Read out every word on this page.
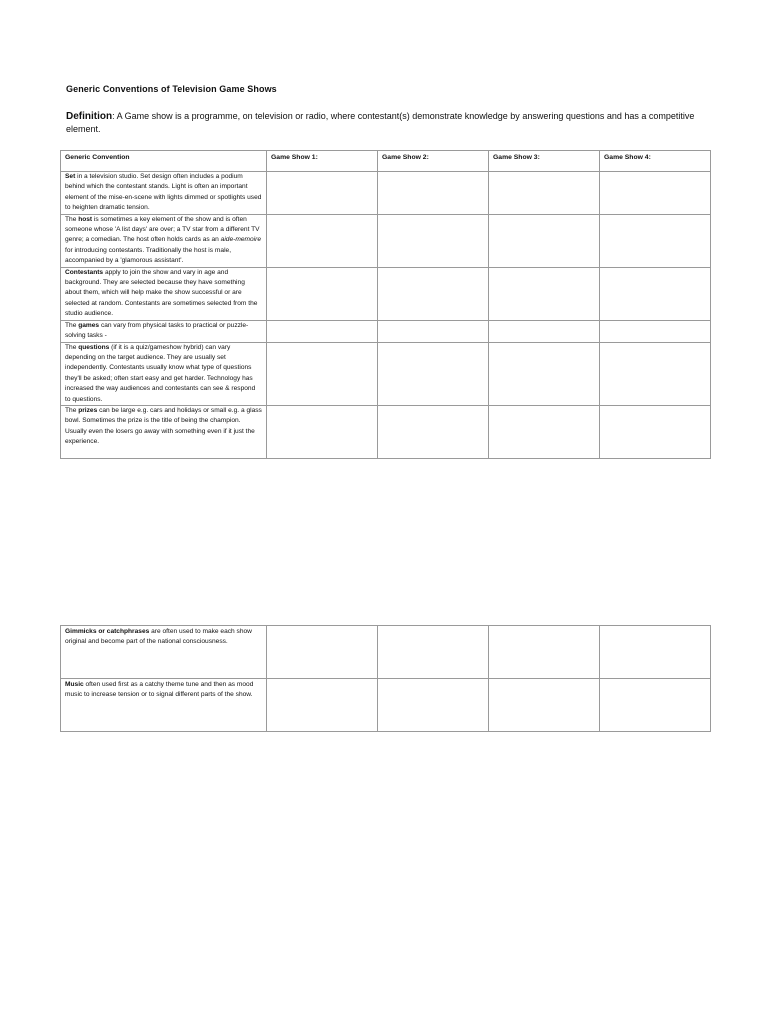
Generic Conventions of Television Game Shows
Definition: A Game show is a programme, on television or radio, where contestant(s) demonstrate knowledge by answering questions and has a competitive element.
Generic Convention	Game Show 1:	Game Show 2:	Game Show 3:	Game Show 4:
Set in a television studio. Set design often includes a podium behind which the contestant stands. Light is often an important element of the mise-en-scene with lights dimmed or spotlights used to heighten dramatic tension.				
The host is sometimes a key element of the show and is often someone whose 'A list days' are over; a TV star from a different TV genre; a comedian. The host often holds cards as an aide-memoire for introducing contestants. Traditionally the host is male, accompanied by a 'glamorous assistant'.				
Contestants apply to join the show and vary in age and background. They are selected because they have something about them, which will help make the show successful or are selected at random. Contestants are sometimes selected from the studio audience.				
The games can vary from physical tasks to practical or puzzle-solving tasks -				
The questions (if it is a quiz/gameshow hybrid) can vary depending on the target audience. They are usually set independently. Contestants usually know what type of questions they'll be asked; often start easy and get harder. Technology has increased the way audiences and contestants can see & respond to questions.				
The prizes can be large e.g. cars and holidays or small e.g. a glass bowl. Sometimes the prize is the title of being the champion. Usually even the losers go away with something even if it just the experience.				
Gimmicks or catchphrases are often used to make each show original and become part of the national consciousness.				
Music often used first as a catchy theme tune and then as mood music to increase tension or to signal different parts of the show.				
